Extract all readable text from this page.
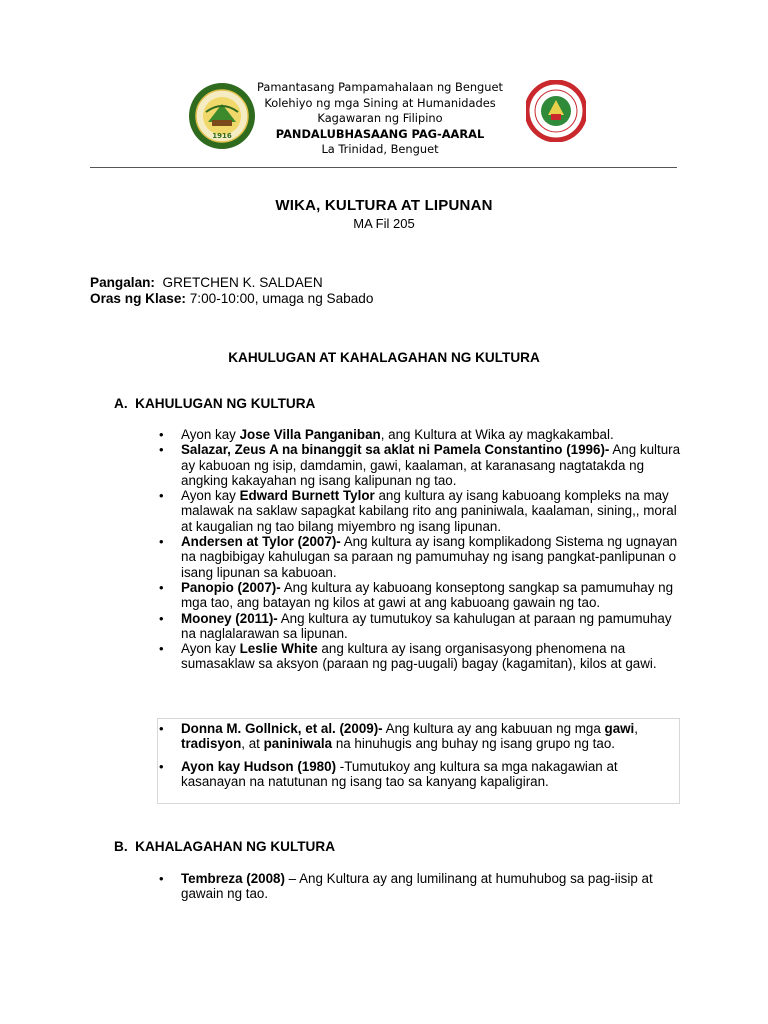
1916
Pamantasang Pampamahalaan ng Benguet
Kolehiyo ng mga Sining at Humanidades
Kagawaran ng Filipino
PANDALUBHASAANG PAG-AARAL
La Trinidad, Benguet
WIKA, KULTURA AT LIPUNAN
MA Fil 205
Pangalan: GRETCHEN K. SALDAEN
Oras ng Klase: 7:00-10:00, umaga ng Sabado
KAHULUGAN AT KAHALAGAHAN NG KULTURA
A. KAHULUGAN NG KULTURA
• Ayon kay Jose Villa Panganiban, ang Kultura at Wika ay magkakambal.
• Salazar, Zeus A na binanggit sa aklat ni Pamela Constantino (1996)- Ang kultura ay kabuoan ng isip, damdamin, gawi, kaalaman, at karanasang nagtatakda ng angking kakayahan ng isang kalipunan ng tao.
• Ayon kay Edward Burnett Tylor ang kultura ay isang kabuoang kompleks na may malawak na saklaw sapagkat kabilang rito ang paniniwala, kaalaman, sining,, moral at kaugalian ng tao bilang miyembro ng isang lipunan.
• Andersen at Tylor (2007)- Ang kultura ay isang komplikadong Sistema ng ugnayan na nagbibigay kahulugan sa paraan ng pamumuhay ng isang pangkat-panlipunan o isang lipunan sa kabuoan.
• Panopio (2007)- Ang kultura ay kabuoang konseptong sangkap sa pamumuhay ng mga tao, ang batayan ng kilos at gawi at ang kabuoang gawain ng tao.
• Mooney (2011)- Ang kultura ay tumutukoy sa kahulugan at paraan ng pamumuhay na naglalarawan sa lipunan.
• Ayon kay Leslie White ang kultura ay isang organisasyong phenomena na sumasaklaw sa aksyon (paraan ng pag-uugali) bagay (kagamitan), kilos at gawi.
• Donna M. Gollnick, et al. (2009)- Ang kultura ay ang kabuuan ng mga gawi, tradisyon, at paniniwala na hinuhugis ang buhay ng isang grupo ng tao.
• Ayon kay Hudson (1980) -Tumutukoy ang kultura sa mga nakagawian at kasanayan na natutunan ng isang tao sa kanyang kapaligiran.
B. KAHALAGAHAN NG KULTURA
• Tembreza (2008) – Ang Kultura ay ang lumilinang at humuhubog sa pag-iisip at gawain ng tao.
